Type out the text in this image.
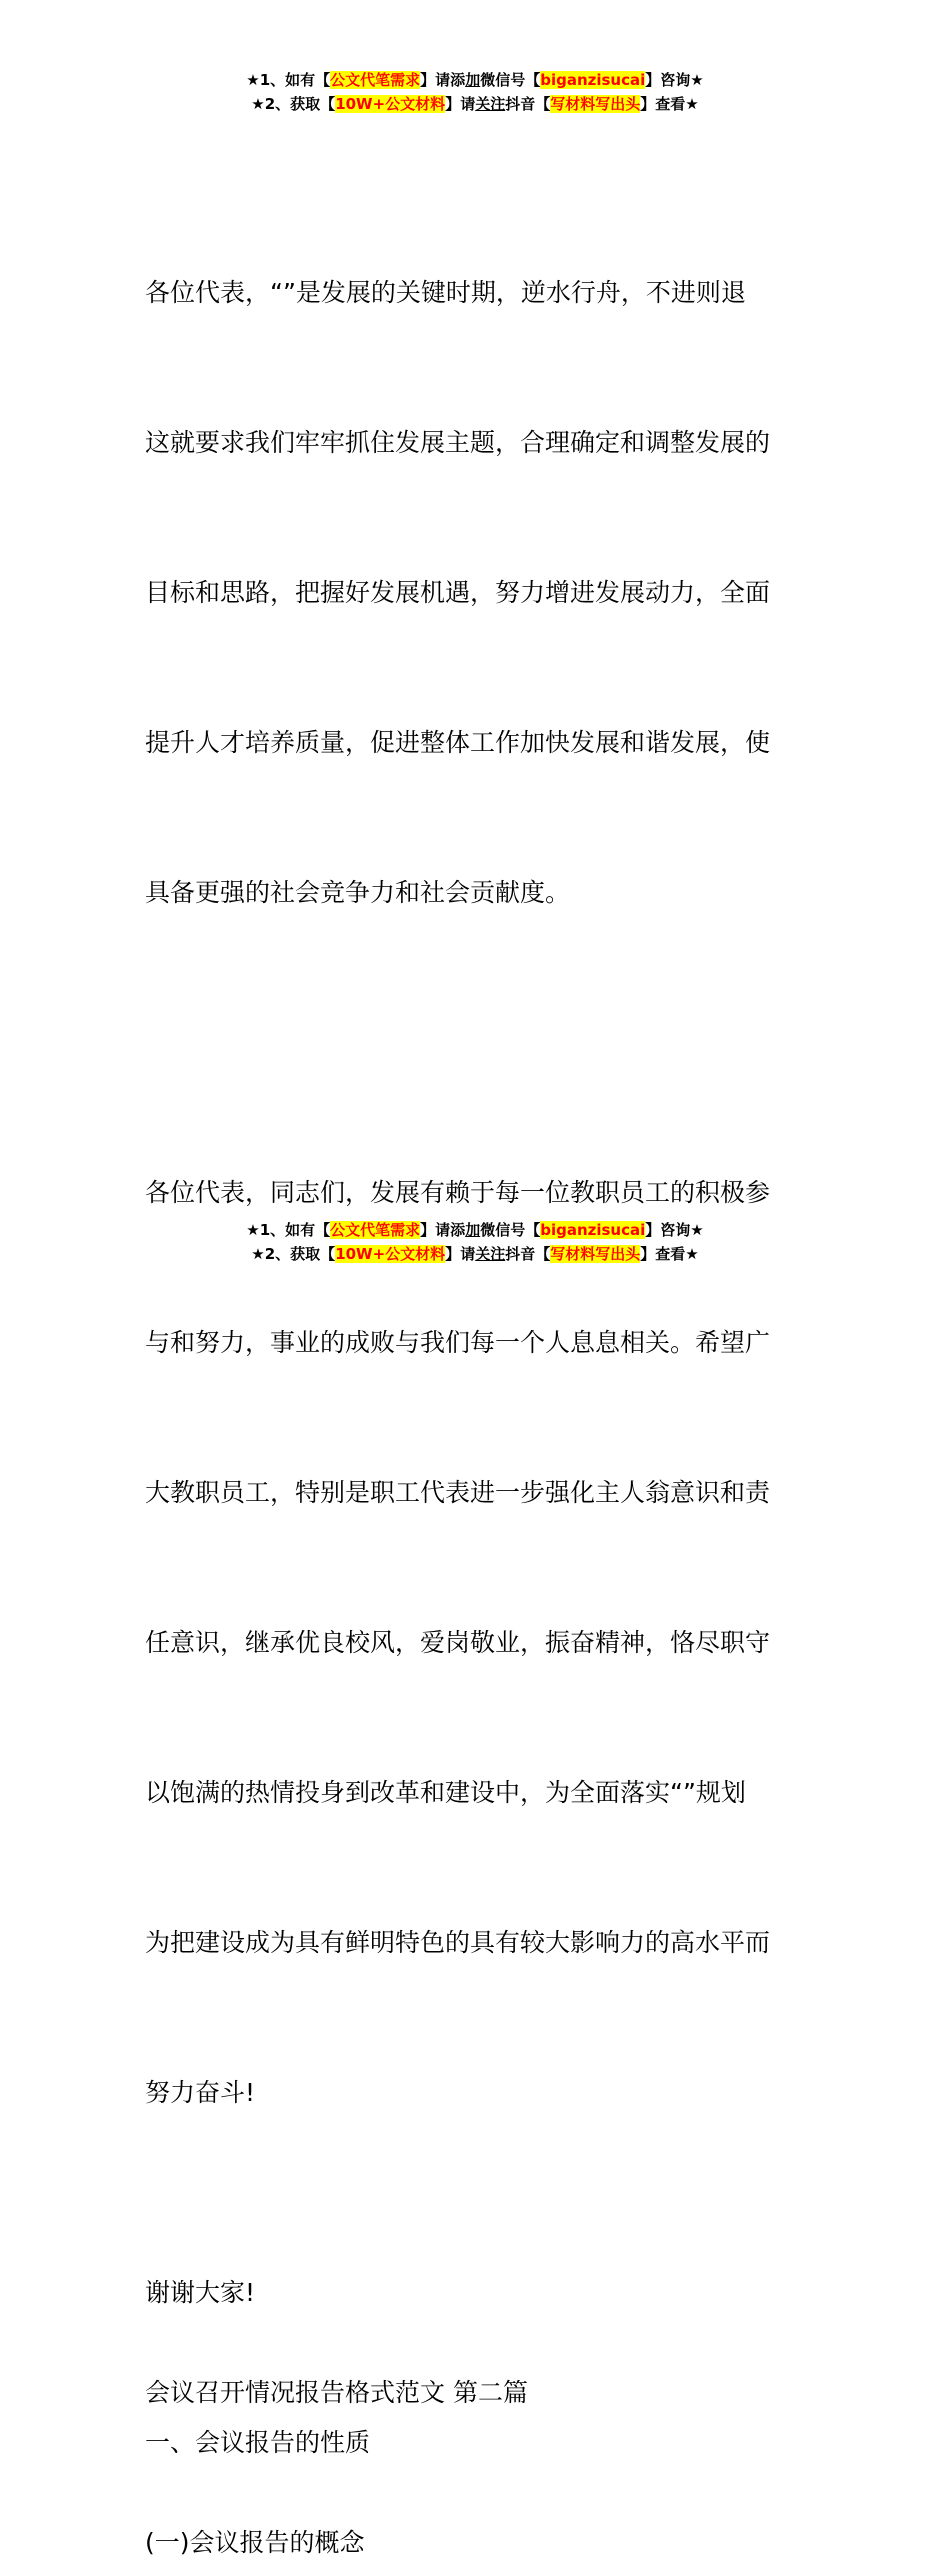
★1、如有【公文代笔需求】请添加微信号【biganzisucai】咨询★
★2、获取【10W+公文材料】请关注抖音【写材料写出头】查看★

各位代表，“”是发展的关键时期，逆水行舟，不进则退

这就要求我们牢牢抓住发展主题，合理确定和调整发展的

目标和思路，把握好发展机遇，努力增进发展动力，全面

提升人才培养质量，促进整体工作加快发展和谐发展，使

具备更强的社会竞争力和社会贡献度。

各位代表，同志们，发展有赖于每一位教职员工的积极参

与和努力，事业的成败与我们每一个人息息相关。希望广

大教职员工，特别是职工代表进一步强化主人翁意识和责

任意识，继承优良校风，爱岗敬业，振奋精神，恪尽职守

以饱满的热情投身到改革和建设中，为全面落实“”规划

为把建设成为具有鲜明特色的具有较大影响力的高水平而

努力奋斗!

谢谢大家!
会议召开情况报告格式范文 第二篇
一、会议报告的性质
(一)会议报告的概念
★1、如有【公文代笔需求】请添加微信号【biganzisucai】咨询★
★2、获取【10W+公文材料】请关注抖音【写材料写出头】查看★
